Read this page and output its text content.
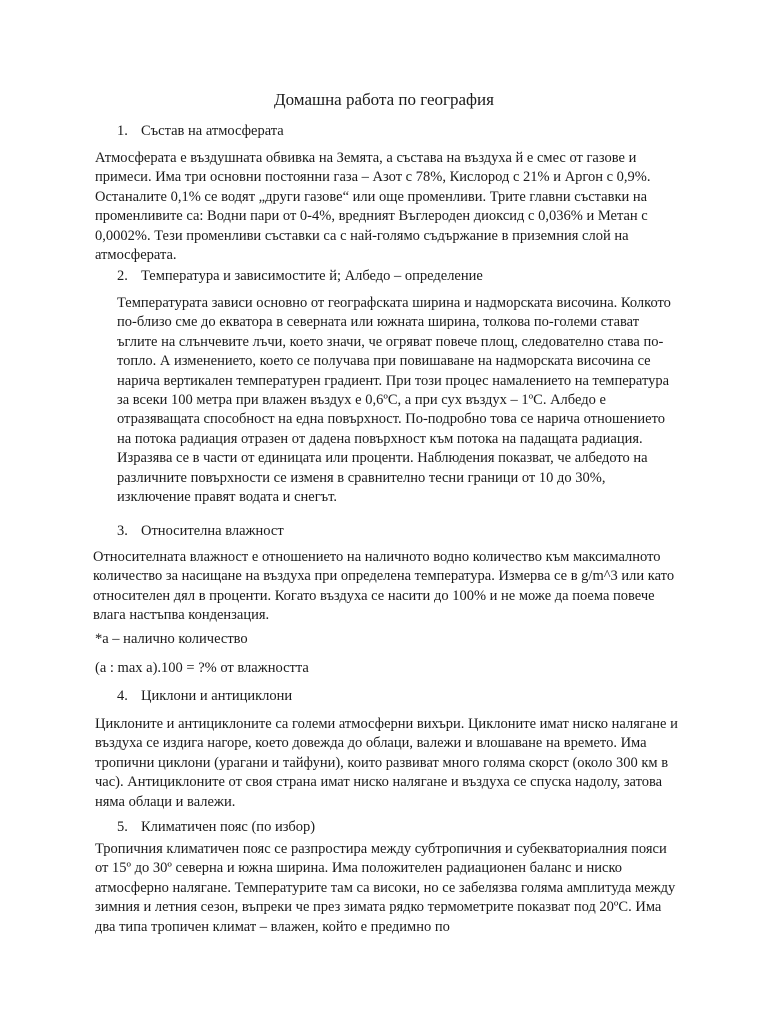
Домашна работа по география
1. Състав на атмосферата

Атмосферата е въздушната обвивка на Земята, а състава на въздуха й е смес от газове и примеси. Има три основни постоянни газа – Азот с 78%, Кислород с 21% и Аргон с 0,9%. Останалите 0,1% се водят „други газове“ или още променливи. Трите главни съставки на променливите са: Водни пари от 0-4%, вредният Въглероден диоксид с 0,036% и Метан с 0,0002%. Тези променливи съставки са с най-голямо съдържание в приземния слой на атмосферата.

2. Температура и зависимостите й; Албедо – определение

Температурата зависи основно от географската ширина и надморската височина. Колкото по-близо сме до екватора в северната или южната ширина, толкова по-големи стават ъглите на слънчевите лъчи, което значи, че огряват повече площ, следователно става по-топло. А изменението, което се получава при повишаване на надморската височина се нарича вертикален температурен градиент. При този процес намалението на температура за всеки 100 метра при влажен въздух е 0,6ºC, а при сух въздух – 1ºC. Албедо е отразяващата способност на една повърхност. По-подробно това се нарича отношението на потока радиация отразен от дадена повърхност към потока на падащата радиация. Изразява се в части от единицата или проценти. Наблюдения показват, че албедото на различните повърхности се изменя в сравнително тесни граници от 10 до 30%, изключение правят водата и снегът.

3. Относителна влажност

Относителната влажност е отношението на наличното водно количество към максималното количество за насищане на въздуха при определена температура. Измерва се в g/m^3 или като относителен дял в проценти. Когато въздуха се насити до 100% и не може да поема повече влага настъпва кондензация.

*а – налично количество

(a : max a).100 = ?% от влажността

4. Циклони и антициклони

Циклоните и антициклоните са големи атмосферни вихъри. Циклоните имат ниско налягане и въздуха се издига нагоре, което довежда до облаци, валежи и влошаване на времето. Има тропични циклони (урагани и тайфуни), които развиват много голяма скорст (около 300 км в час). Антициклоните от своя страна имат ниско налягане и въздуха се спуска надолу, затова няма облаци и валежи.

5. Климатичен пояс (по избор)

Тропичния климатичен пояс се разпростира между субтропичния и субекваториалния пояси от 15º до 30º северна и южна ширина. Има положителен радиационен баланс и ниско атмосферно налягане. Температурите там са високи, но се забелязва голяма амплитуда между зимния и летния сезон, въпреки че през зимата рядко термометрите показват под 20ºC. Има два типа тропичен климат – влажен, който е предимно по
